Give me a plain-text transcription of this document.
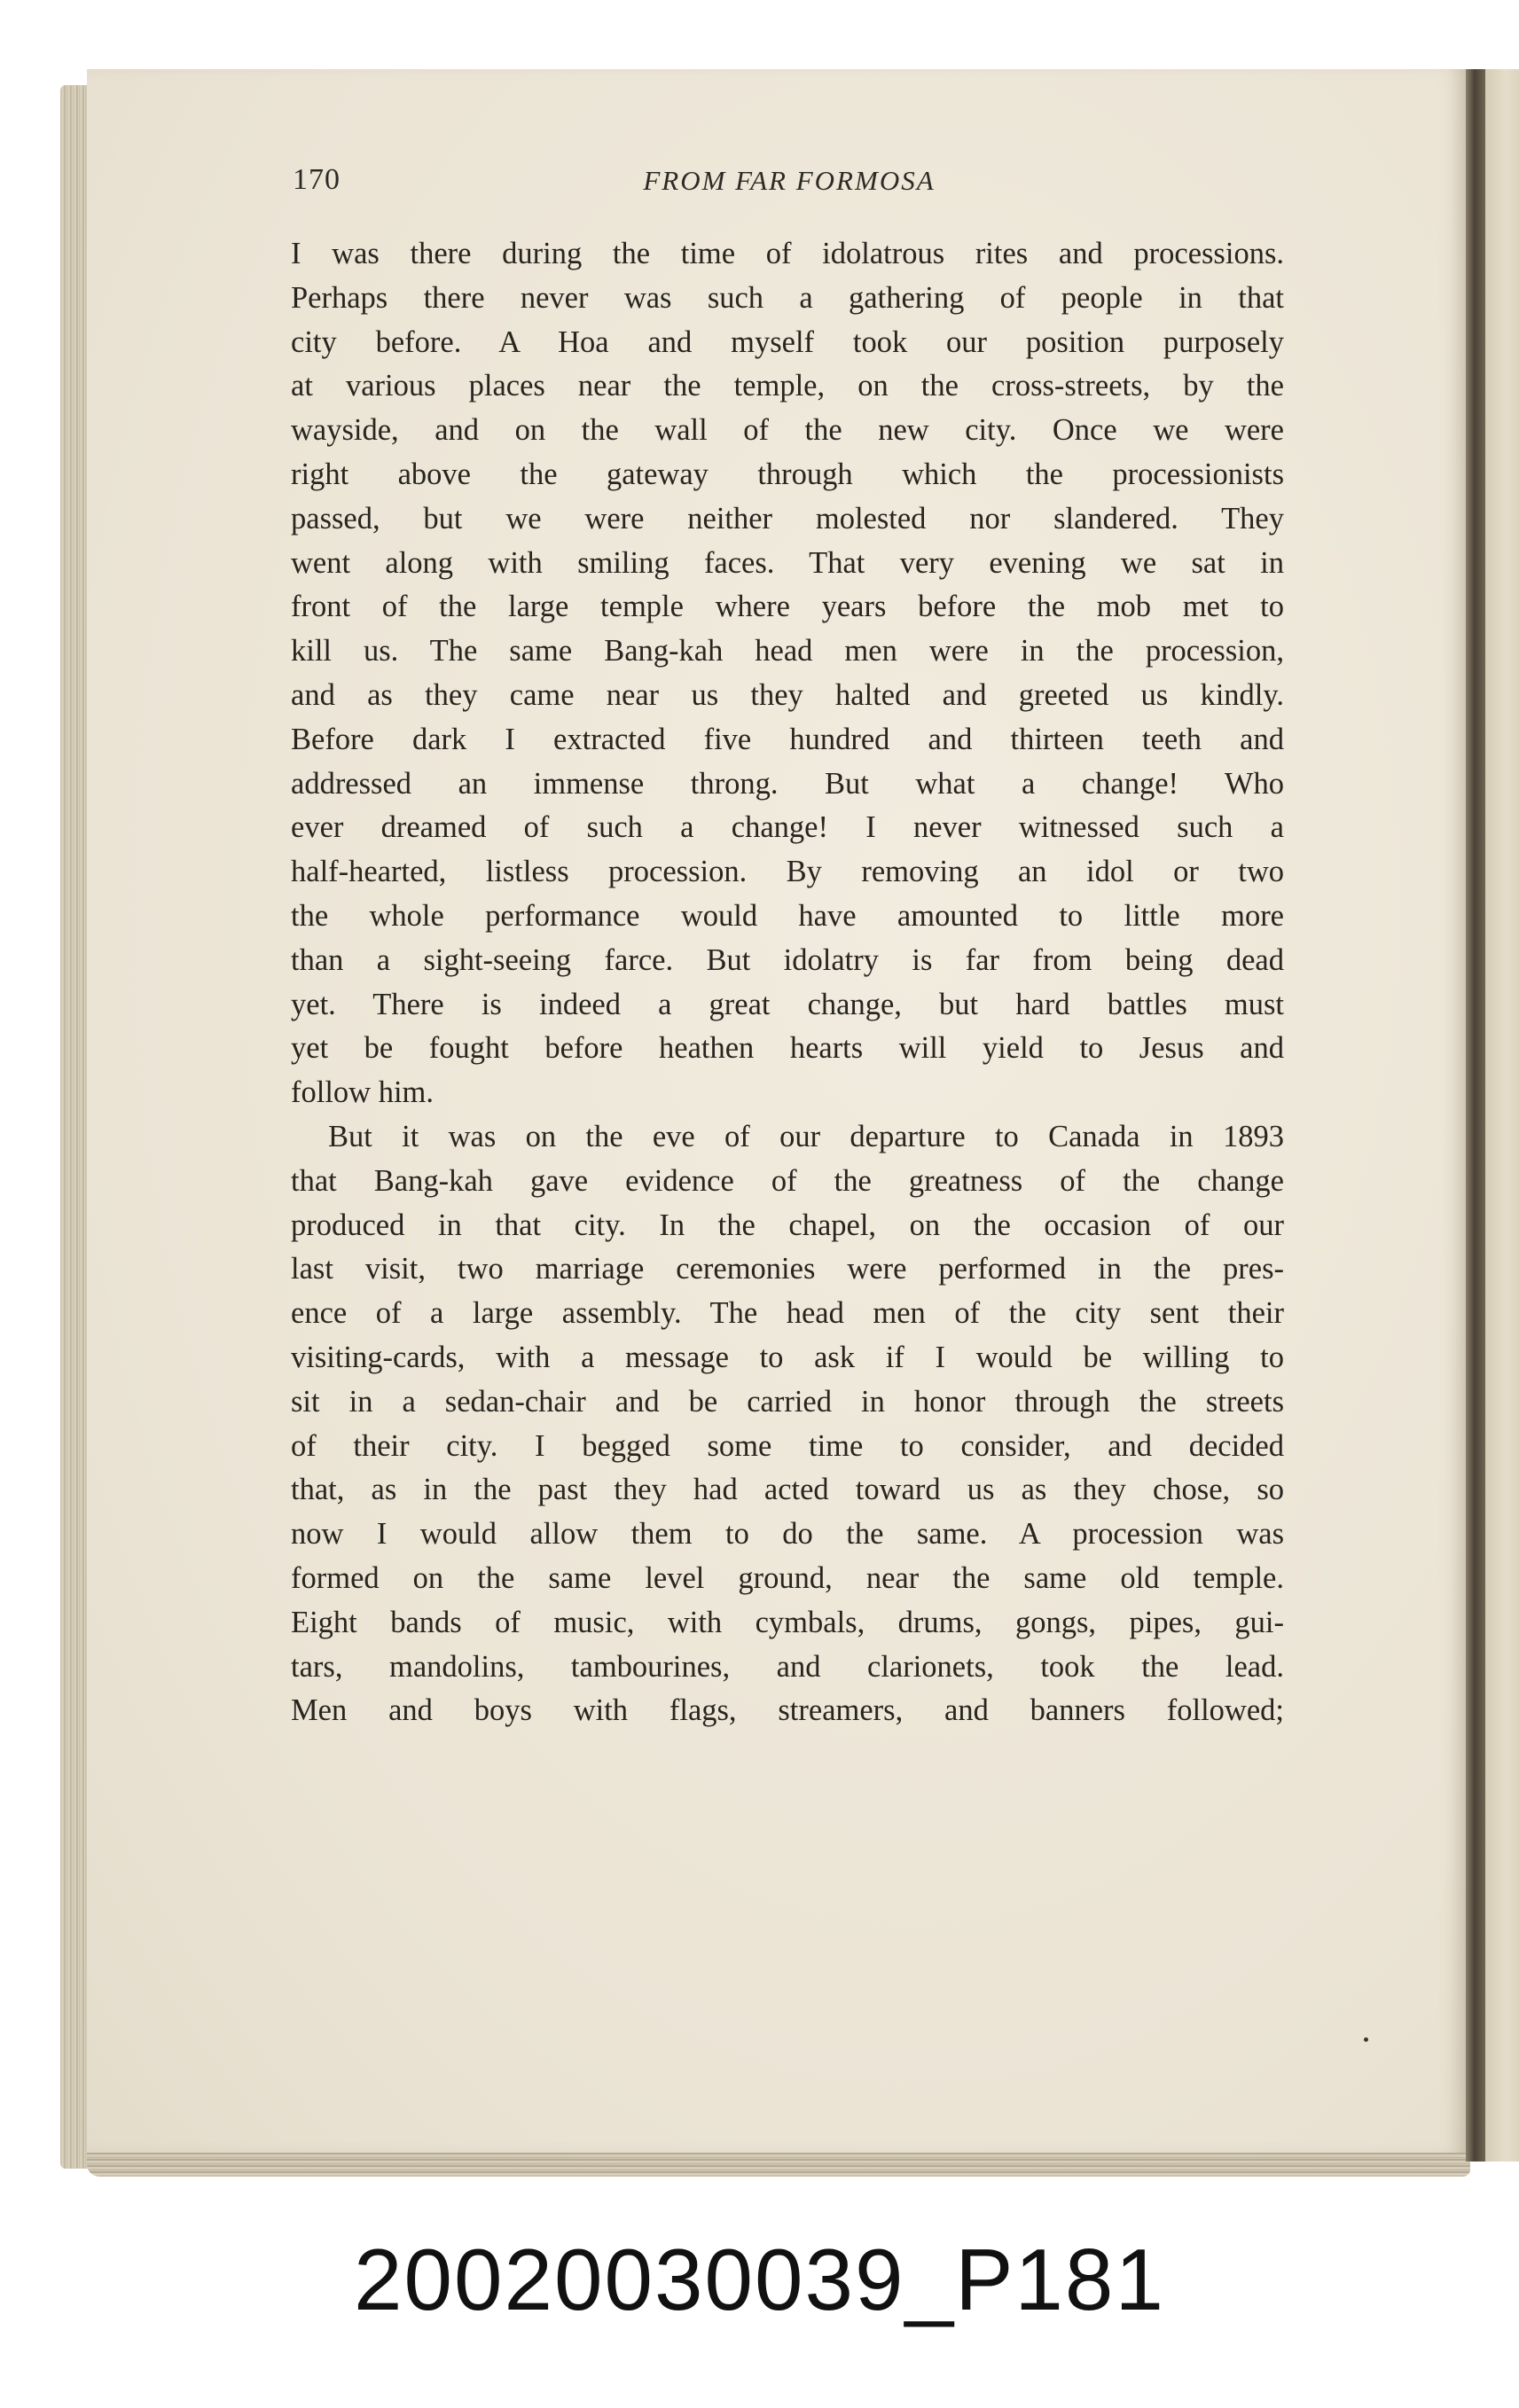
170	FROM FAR FORMOSA
I was there during the time of idolatrous rites and processions.
Perhaps there never was such a gathering of people in that
city before. A Hoa and myself took our position purposely
at various places near the temple, on the cross-streets, by the
wayside, and on the wall of the new city. Once we were
right above the gateway through which the processionists
passed, but we were neither molested nor slandered. They
went along with smiling faces. That very evening we sat in
front of the large temple where years before the mob met to
kill us. The same Bang-kah head men were in the procession,
and as they came near us they halted and greeted us kindly.
Before dark I extracted five hundred and thirteen teeth and
addressed an immense throng. But what a change! Who
ever dreamed of such a change! I never witnessed such a
half-hearted, listless procession. By removing an idol or two
the whole performance would have amounted to little more
than a sight-seeing farce. But idolatry is far from being dead
yet. There is indeed a great change, but hard battles must
yet be fought before heathen hearts will yield to Jesus and
follow him.
But it was on the eve of our departure to Canada in 1893
that Bang-kah gave evidence of the greatness of the change
produced in that city. In the chapel, on the occasion of our
last visit, two marriage ceremonies were performed in the pres-
ence of a large assembly. The head men of the city sent their
visiting-cards, with a message to ask if I would be willing to
sit in a sedan-chair and be carried in honor through the streets
of their city. I begged some time to consider, and decided
that, as in the past they had acted toward us as they chose, so
now I would allow them to do the same. A procession was
formed on the same level ground, near the same old temple.
Eight bands of music, with cymbals, drums, gongs, pipes, gui-
tars, mandolins, tambourines, and clarionets, took the lead.
Men and boys with flags, streamers, and banners followed;
20020030039_P181
